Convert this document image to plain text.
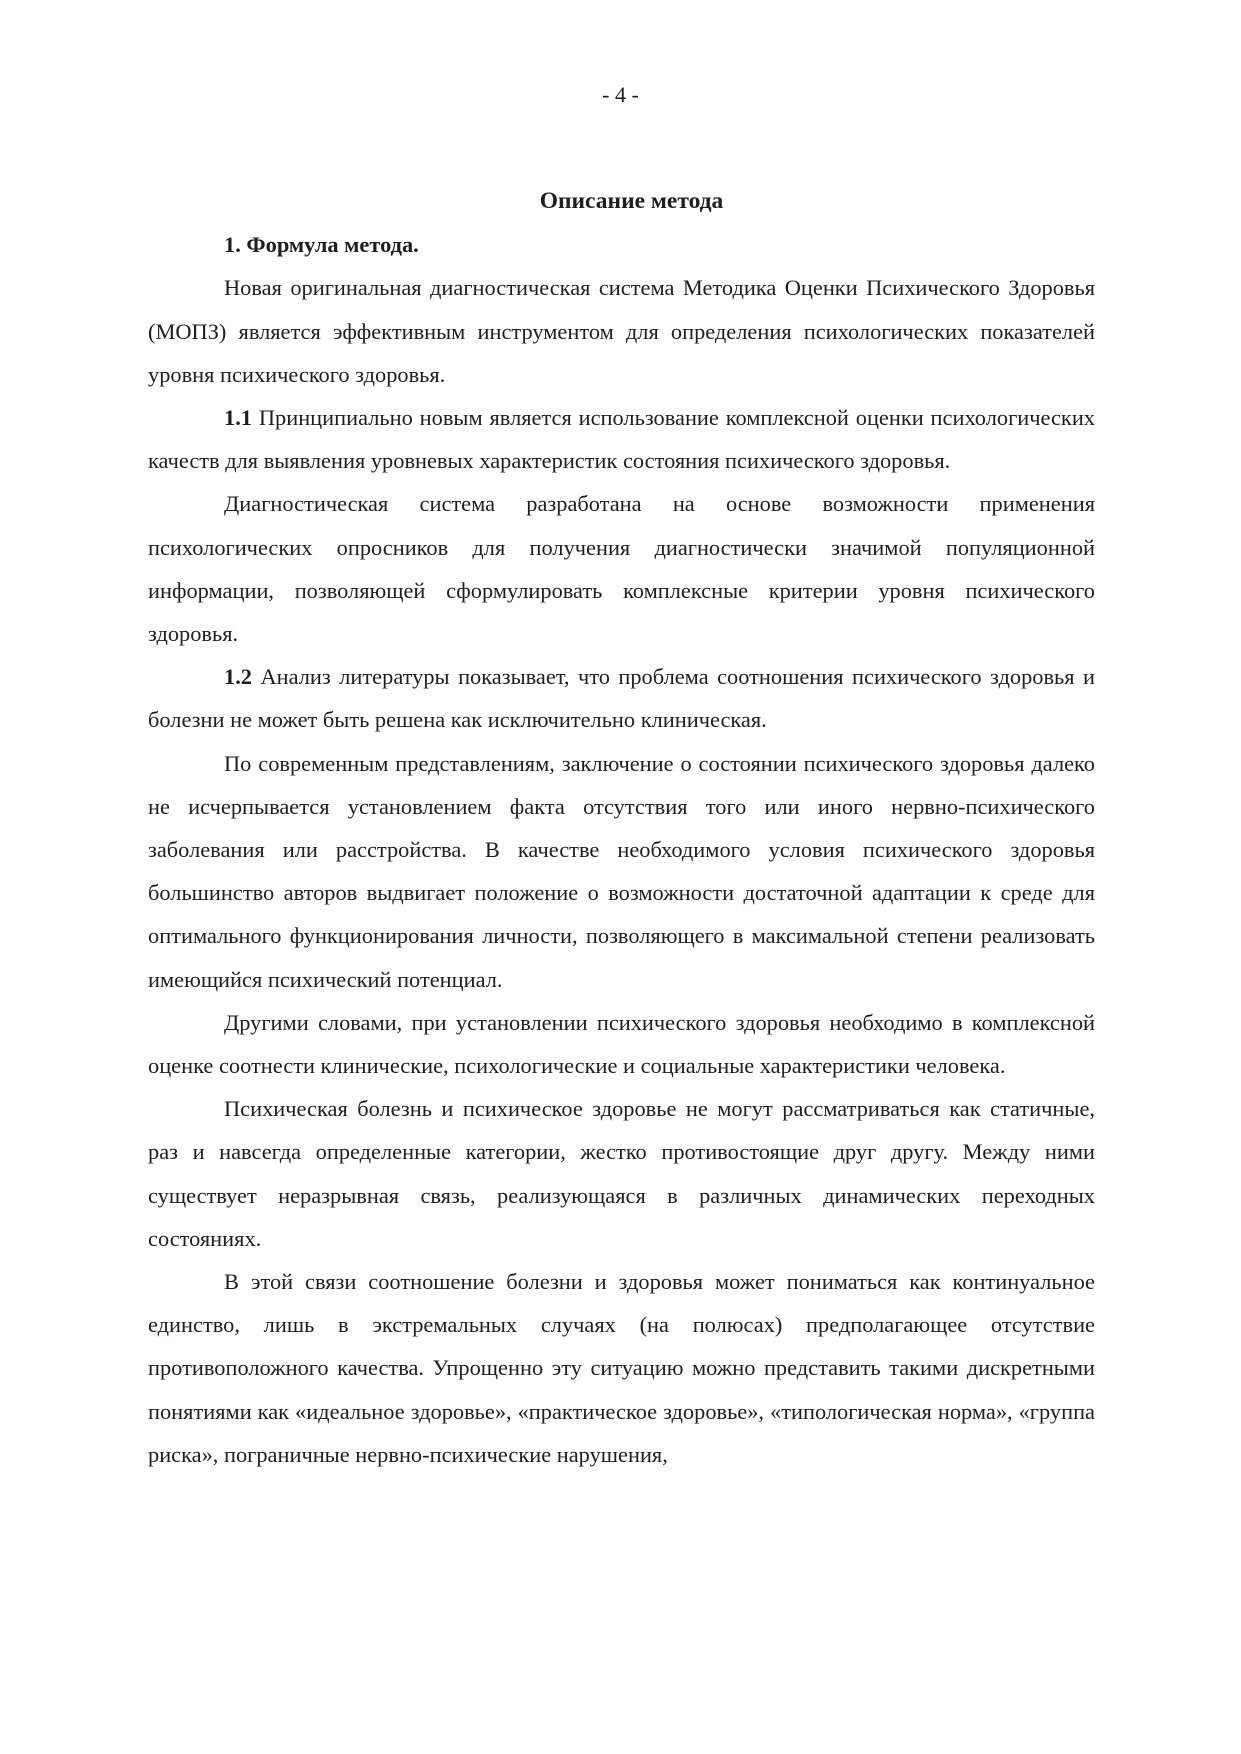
- 4 -
Описание метода
1. Формула метода.

Новая оригинальная диагностическая система Методика Оценки Психического Здоровья (МОПЗ) является эффективным инструментом для определения психологических показателей уровня психического здоровья.

1.1 Принципиально новым является использование комплексной оценки психологических качеств для выявления уровневых характеристик состояния психического здоровья.

Диагностическая система разработана на основе возможности применения психологических опросников для получения диагностически значимой популяционной информации, позволяющей сформулировать комплексные критерии уровня психического здоровья.

1.2 Анализ литературы показывает, что проблема соотношения психического здоровья и болезни не может быть решена как исключительно клиническая.

По современным представлениям, заключение о состоянии психического здоровья далеко не исчерпывается установлением факта отсутствия того или иного нервно-психического заболевания или расстройства. В качестве необходимого условия психического здоровья большинство авторов выдвигает положение о возможности достаточной адаптации к среде для оптимального функционирования личности, позволяющего в максимальной степени реализовать имеющийся психический потенциал.

Другими словами, при установлении психического здоровья необходимо в комплексной оценке соотнести клинические, психологические и социальные характеристики человека.

Психическая болезнь и психическое здоровье не могут рассматриваться как статичные, раз и навсегда определенные категории, жестко противостоящие друг другу. Между ними существует неразрывная связь, реализующаяся в различных динамических переходных состояниях.

В этой связи соотношение болезни и здоровья может пониматься как континуальное единство, лишь в экстремальных случаях (на полюсах) предполагающее отсутствие противоположного качества. Упрощенно эту ситуацию можно представить такими дискретными понятиями как «идеальное здоровье», «практическое здоровье», «типологическая норма», «группа риска», пограничные нервно-психические нарушения,
